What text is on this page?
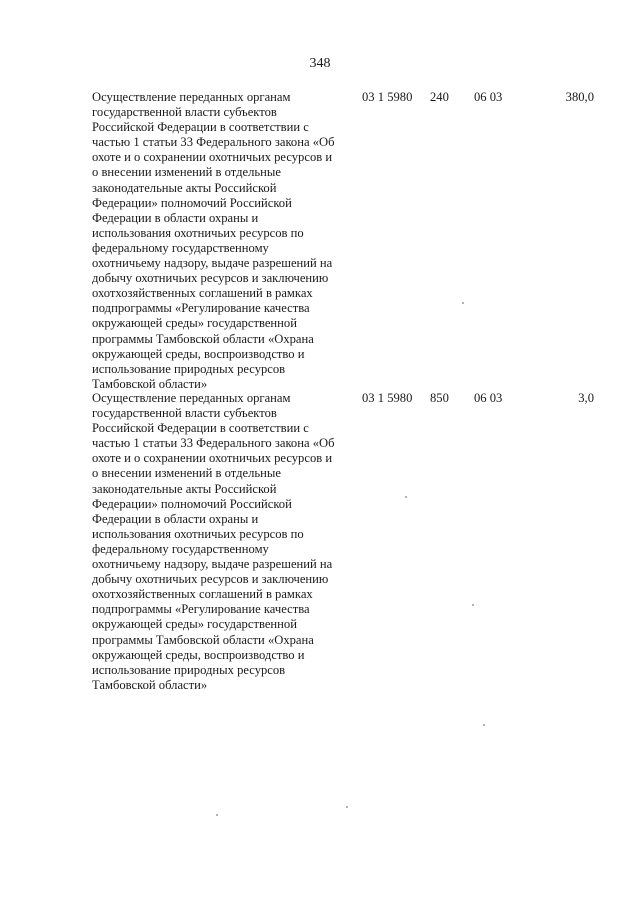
348
Осуществление переданных органам
государственной власти субъектов
Российской Федерации в соответствии с
частью 1 статьи 33 Федерального закона «Об
охоте и о сохранении охотничьих ресурсов и
о внесении изменений в отдельные
законодательные акты Российской
Федерации» полномочий Российской
Федерации в области охраны и
использования охотничьих ресурсов по
федеральному государственному
охотничьему надзору, выдаче разрешений на
добычу охотничьих ресурсов и заключению
охотхозяйственных соглашений в рамках
подпрограммы «Регулирование качества
окружающей среды» государственной
программы Тамбовской области «Охрана
окружающей среды, воспроизводство и
использование природных ресурсов
Тамбовской области»
03 1 5980 240 06 03	380,0
Осуществление переданных органам
государственной власти субъектов
Российской Федерации в соответствии с
частью 1 статьи 33 Федерального закона «Об
охоте и о сохранении охотничьих ресурсов и
о внесении изменений в отдельные
законодательные акты Российской
Федерации» полномочий Российской
Федерации в области охраны и
использования охотничьих ресурсов по
федеральному государственному
охотничьему надзору, выдаче разрешений на
добычу охотничьих ресурсов и заключению
охотхозяйственных соглашений в рамках
подпрограммы «Регулирование качества
окружающей среды» государственной
программы Тамбовской области «Охрана
окружающей среды, воспроизводство и
использование природных ресурсов
Тамбовской области»
03 1 5980 850 06 03	3,0
